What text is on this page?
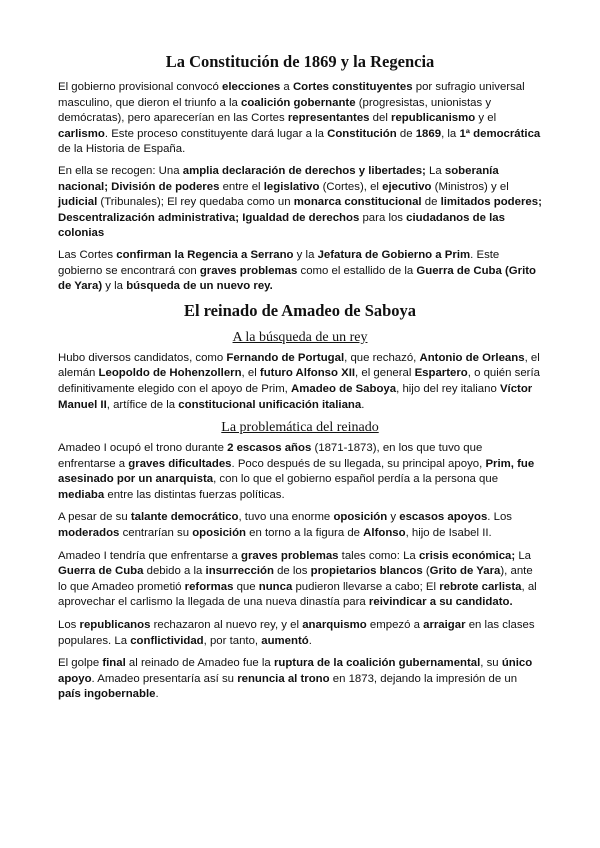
La Constitución de 1869 y la Regencia

El gobierno provisional convocó elecciones a Cortes constituyentes por sufragio universal masculino, que dieron el triunfo a la coalición gobernante (progresistas, unionistas y demócratas), pero aparecerían en las Cortes representantes del republicanismo y el carlismo. Este proceso constituyente dará lugar a la Constitución de 1869, la 1ª democrática de la Historia de España.

En ella se recogen: Una amplia declaración de derechos y libertades; La soberanía nacional; División de poderes entre el legislativo (Cortes), el ejecutivo (Ministros) y el judicial (Tribunales); El rey quedaba como un monarca constitucional de limitados poderes; Descentralización administrativa; Igualdad de derechos para los ciudadanos de las colonias

Las Cortes confirman la Regencia a Serrano y la Jefatura de Gobierno a Prim. Este gobierno se encontrará con graves problemas como el estallido de la Guerra de Cuba (Grito de Yara) y la búsqueda de un nuevo rey.

El reinado de Amadeo de Saboya
A la búsqueda de un rey

Hubo diversos candidatos, como Fernando de Portugal, que rechazó, Antonio de Orleans, el alemán Leopoldo de Hohenzollern, el futuro Alfonso XII, el general Espartero, o quién sería definitivamente elegido con el apoyo de Prim, Amadeo de Saboya, hijo del rey italiano Víctor Manuel II, artífice de la constitucional unificación italiana.

La problemática del reinado

Amadeo I ocupó el trono durante 2 escasos años (1871-1873), en los que tuvo que enfrentarse a graves dificultades. Poco después de su llegada, su principal apoyo, Prim, fue asesinado por un anarquista, con lo que el gobierno español perdía a la persona que mediaba entre las distintas fuerzas políticas.

A pesar de su talante democrático, tuvo una enorme oposición y escasos apoyos. Los moderados centrarían su oposición en torno a la figura de Alfonso, hijo de Isabel II.

Amadeo I tendría que enfrentarse a graves problemas tales como: La crisis económica; La Guerra de Cuba debido a la insurrección de los propietarios blancos (Grito de Yara), ante lo que Amadeo prometió reformas que nunca pudieron llevarse a cabo; El rebrote carlista, al aprovechar el carlismo la llegada de una nueva dinastía para reivindicar a su candidato.

Los republicanos rechazaron al nuevo rey, y el anarquismo empezó a arraigar en las clases populares. La conflictividad, por tanto, aumentó.

El golpe final al reinado de Amadeo fue la ruptura de la coalición gubernamental, su único apoyo. Amadeo presentaría así su renuncia al trono en 1873, dejando la impresión de un país ingobernable.
